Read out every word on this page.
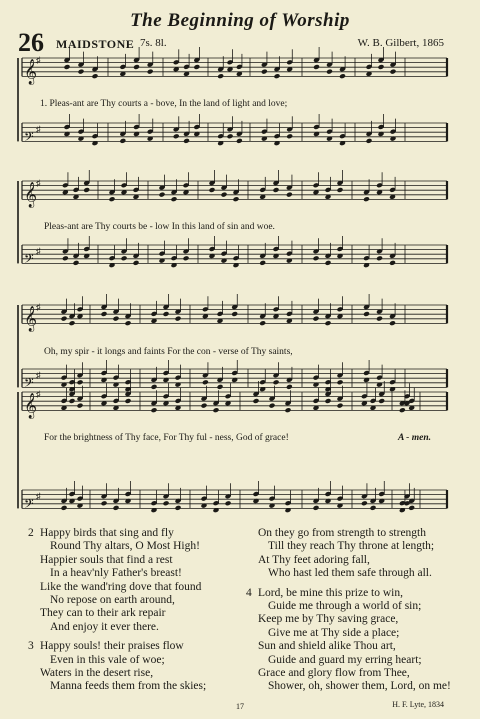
The Beginning of Worship
26 MAIDSTONE 7s. 8l.	W. B. Gilbert, 1865
𝄞
♯
𝄢
♯
𝄞
♯
𝄢
♯
𝄞
♯
𝄢
♯
𝄞
♯
𝄢
♯
1. Pleas-ant are Thy courts a - bove, In the land of light and love;
Pleas-ant are Thy courts be - low In this land of sin and woe.
Oh, my spir - it longs and faints For the con - verse of Thy saints,
For the brightness of Thy face, For Thy ful - ness, God of grace!	A - men.
2 Happy birds that sing and fly
Round Thy altars, O Most High!
Happier souls that find a rest
In a heav'nly Father's breast!
Like the wand'ring dove that found
No repose on earth around,
They can to their ark repair
And enjoy it ever there.
3 Happy souls! their praises flow
Even in this vale of woe;
Waters in the desert rise,
Manna feeds them from the skies;
On they go from strength to strength
Till they reach Thy throne at length;
At Thy feet adoring fall,
Who hast led them safe through all.
4 Lord, be mine this prize to win,
Guide me through a world of sin;
Keep me by Thy saving grace,
Give me at Thy side a place;
Sun and shield alike Thou art,
Guide and guard my erring heart;
Grace and glory flow from Thee,
Shower, oh, shower them, Lord, on me!
17	H. F. Lyte, 1834
